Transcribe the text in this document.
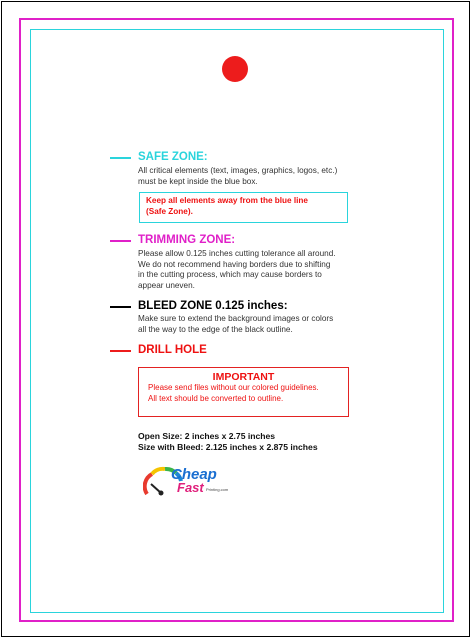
SAFE ZONE:
All critical elements (text, images, graphics, logos, etc.)
must be kept inside the blue box.
Keep all elements away from the blue line
(Safe Zone).
TRIMMING ZONE:
Please allow 0.125 inches cutting tolerance all around.
We do not recommend having borders due to shifting
in the cutting process, which may cause borders to
appear uneven.
BLEED ZONE 0.125 inches:
Make sure to extend the background images or colors
all the way to the edge of the black outline.
DRILL HOLE
IMPORTANT
Please send files without our colored guidelines.
All text should be converted to outline.
Open Size: 2 inches x 2.75 inches
Size with Bleed: 2.125 inches x 2.875 inches
Cheap
Fast Printing.com
